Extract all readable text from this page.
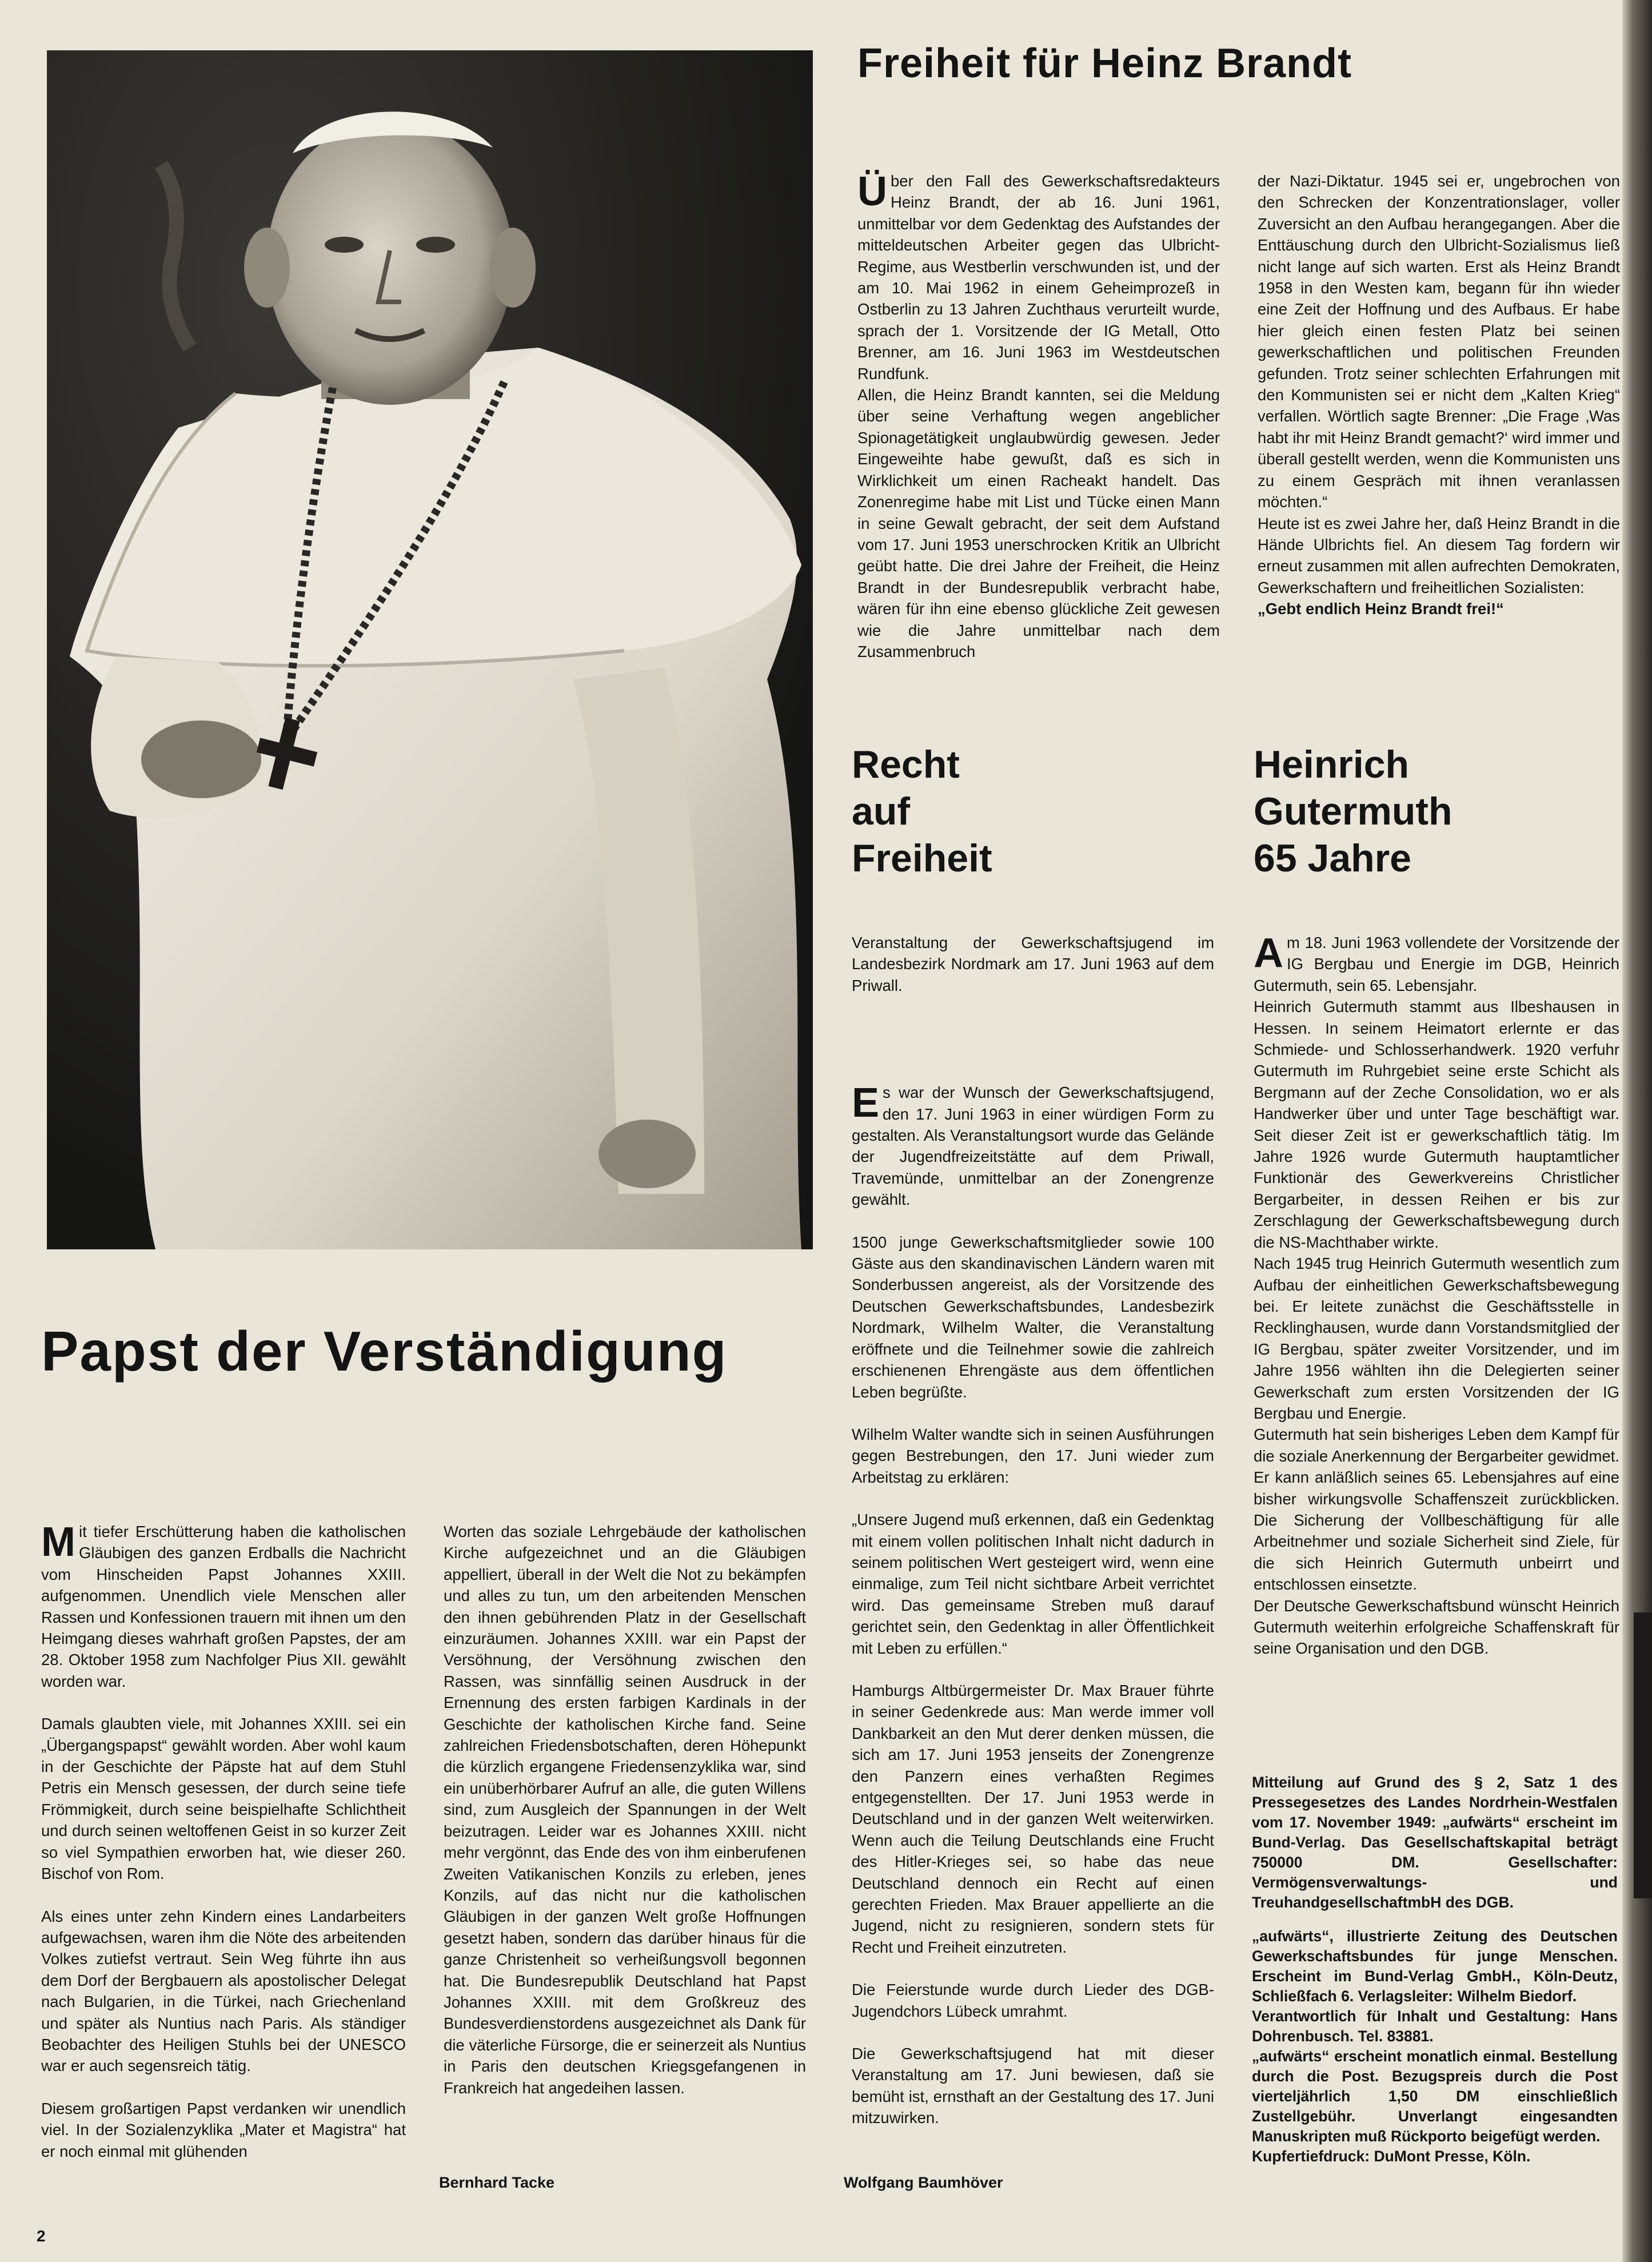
Freiheit für Heinz Brandt

Über den Fall des Gewerkschaftsredakteurs Heinz Brandt, der ab 16. Juni 1961, unmittelbar vor dem Gedenktag des Aufstandes der mitteldeutschen Arbeiter gegen das Ulbricht-Regime, aus Westberlin verschwunden ist, und der am 10. Mai 1962 in einem Geheimprozeß in Ostberlin zu 13 Jahren Zuchthaus verurteilt wurde, sprach der 1. Vorsitzende der IG Metall, Otto Brenner, am 16. Juni 1963 im Westdeutschen Rundfunk.

Allen, die Heinz Brandt kannten, sei die Meldung über seine Verhaftung wegen angeblicher Spionagetätigkeit unglaubwürdig gewesen. Jeder Eingeweihte habe gewußt, daß es sich in Wirklichkeit um einen Racheakt handelt. Das Zonenregime habe mit List und Tücke einen Mann in seine Gewalt gebracht, der seit dem Aufstand vom 17. Juni 1953 unerschrocken Kritik an Ulbricht geübt hatte. Die drei Jahre der Freiheit, die Heinz Brandt in der Bundesrepublik verbracht habe, wären für ihn eine ebenso glückliche Zeit gewesen wie die Jahre unmittelbar nach dem Zusammenbruch

der Nazi-Diktatur. 1945 sei er, ungebrochen von den Schrecken der Konzentrationslager, voller Zuversicht an den Aufbau herangegangen. Aber die Enttäuschung durch den Ulbricht-Sozialismus ließ nicht lange auf sich warten. Erst als Heinz Brandt 1958 in den Westen kam, begann für ihn wieder eine Zeit der Hoffnung und des Aufbaus. Er habe hier gleich einen festen Platz bei seinen gewerkschaftlichen und politischen Freunden gefunden. Trotz seiner schlechten Erfahrungen mit den Kommunisten sei er nicht dem „Kalten Krieg“ verfallen. Wörtlich sagte Brenner: „Die Frage ‚Was habt ihr mit Heinz Brandt gemacht?‘ wird immer und überall gestellt werden, wenn die Kommunisten uns zu einem Gespräch mit ihnen veranlassen möchten.“

Heute ist es zwei Jahre her, daß Heinz Brandt in die Hände Ulbrichts fiel. An diesem Tag fordern wir erneut zusammen mit allen aufrechten Demokraten, Gewerkschaftern und freiheitlichen Sozialisten:

„Gebt endlich Heinz Brandt frei!“

Recht
auf
Freiheit

Veranstaltung der Gewerkschaftsjugend im Landesbezirk Nordmark am 17. Juni 1963 auf dem Priwall.

Es war der Wunsch der Gewerkschaftsjugend, den 17. Juni 1963 in einer würdigen Form zu gestalten. Als Veranstaltungsort wurde das Gelände der Jugendfreizeitstätte auf dem Priwall, Travemünde, unmittelbar an der Zonengrenze gewählt.

1500 junge Gewerkschaftsmitglieder sowie 100 Gäste aus den skandinavischen Ländern waren mit Sonderbussen angereist, als der Vorsitzende des Deutschen Gewerkschaftsbundes, Landesbezirk Nordmark, Wilhelm Walter, die Veranstaltung eröffnete und die Teilnehmer sowie die zahlreich erschienenen Ehrengäste aus dem öffentlichen Leben begrüßte.

Wilhelm Walter wandte sich in seinen Ausführungen gegen Bestrebungen, den 17. Juni wieder zum Arbeitstag zu erklären:

„Unsere Jugend muß erkennen, daß ein Gedenktag mit einem vollen politischen Inhalt nicht dadurch in seinem politischen Wert gesteigert wird, wenn eine einmalige, zum Teil nicht sichtbare Arbeit verrichtet wird. Das gemeinsame Streben muß darauf gerichtet sein, den Gedenktag in aller Öffentlichkeit mit Leben zu erfüllen.“

Hamburgs Altbürgermeister Dr. Max Brauer führte in seiner Gedenkrede aus: Man werde immer voll Dankbarkeit an den Mut derer denken müssen, die sich am 17. Juni 1953 jenseits der Zonengrenze den Panzern eines verhaßten Regimes entgegenstellten. Der 17. Juni 1953 werde in Deutschland und in der ganzen Welt weiterwirken. Wenn auch die Teilung Deutschlands eine Frucht des Hitler-Krieges sei, so habe das neue Deutschland dennoch ein Recht auf einen gerechten Frieden. Max Brauer appellierte an die Jugend, nicht zu resignieren, sondern stets für Recht und Freiheit einzutreten.

Die Feierstunde wurde durch Lieder des DGB-Jugendchors Lübeck umrahmt.

Die Gewerkschaftsjugend hat mit dieser Veranstaltung am 17. Juni bewiesen, daß sie bemüht ist, ernsthaft an der Gestaltung des 17. Juni mitzuwirken.

Wolfgang Baumhöver
Heinrich
Gutermuth
65 Jahre

Am 18. Juni 1963 vollendete der Vorsitzende der IG Bergbau und Energie im DGB, Heinrich Gutermuth, sein 65. Lebensjahr.

Heinrich Gutermuth stammt aus Ilbeshausen in Hessen. In seinem Heimatort erlernte er das Schmiede- und Schlosserhandwerk. 1920 verfuhr Gutermuth im Ruhrgebiet seine erste Schicht als Bergmann auf der Zeche Consolidation, wo er als Handwerker über und unter Tage beschäftigt war. Seit dieser Zeit ist er gewerkschaftlich tätig. Im Jahre 1926 wurde Gutermuth hauptamtlicher Funktionär des Gewerkvereins Christlicher Bergarbeiter, in dessen Reihen er bis zur Zerschlagung der Gewerkschaftsbewegung durch die NS-Machthaber wirkte.

Nach 1945 trug Heinrich Gutermuth wesentlich zum Aufbau der einheitlichen Gewerkschaftsbewegung bei. Er leitete zunächst die Geschäftsstelle in Recklinghausen, wurde dann Vorstandsmitglied der IG Bergbau, später zweiter Vorsitzender, und im Jahre 1956 wählten ihn die Delegierten seiner Gewerkschaft zum ersten Vorsitzenden der IG Bergbau und Energie.

Gutermuth hat sein bisheriges Leben dem Kampf für die soziale Anerkennung der Bergarbeiter gewidmet. Er kann anläßlich seines 65. Lebensjahres auf eine bisher wirkungsvolle Schaffenszeit zurückblicken. Die Sicherung der Vollbeschäftigung für alle Arbeitnehmer und soziale Sicherheit sind Ziele, für die sich Heinrich Gutermuth unbeirrt und entschlossen einsetzte.

Der Deutsche Gewerkschaftsbund wünscht Heinrich Gutermuth weiterhin erfolgreiche Schaffenskraft für seine Organisation und den DGB.

Mitteilung auf Grund des § 2, Satz 1 des Pressegesetzes des Landes Nordrhein-Westfalen vom 17. November 1949: „aufwärts“ erscheint im Bund-Verlag. Das Gesellschaftskapital beträgt 750000 DM. Gesellschafter: Vermögensverwaltungs- und TreuhandgesellschaftmbH des DGB.

„aufwärts“, illustrierte Zeitung des Deutschen Gewerkschaftsbundes für junge Menschen. Erscheint im Bund-Verlag GmbH., Köln-Deutz, Schließfach 6. Verlagsleiter: Wilhelm Biedorf.

Verantwortlich für Inhalt und Gestaltung: Hans Dohrenbusch. Tel. 83881.

„aufwärts“ erscheint monatlich einmal. Bestellung durch die Post. Bezugspreis durch die Post vierteljährlich 1,50 DM einschließlich Zustellgebühr. Unverlangt eingesandten Manuskripten muß Rückporto beigefügt werden.

Kupfertiefdruck: DuMont Presse, Köln.

Papst der Verständigung

Mit tiefer Erschütterung haben die katholischen Gläubigen des ganzen Erdballs die Nachricht vom Hinscheiden Papst Johannes XXIII. aufgenommen. Unendlich viele Menschen aller Rassen und Konfessionen trauern mit ihnen um den Heimgang dieses wahrhaft großen Papstes, der am 28. Oktober 1958 zum Nachfolger Pius XII. gewählt worden war.

Damals glaubten viele, mit Johannes XXIII. sei ein „Übergangspapst“ gewählt worden. Aber wohl kaum in der Geschichte der Päpste hat auf dem Stuhl Petris ein Mensch gesessen, der durch seine tiefe Frömmigkeit, durch seine beispielhafte Schlichtheit und durch seinen weltoffenen Geist in so kurzer Zeit so viel Sympathien erworben hat, wie dieser 260. Bischof von Rom.

Als eines unter zehn Kindern eines Landarbeiters aufgewachsen, waren ihm die Nöte des arbeitenden Volkes zutiefst vertraut. Sein Weg führte ihn aus dem Dorf der Bergbauern als apostolischer Delegat nach Bulgarien, in die Türkei, nach Griechenland und später als Nuntius nach Paris. Als ständiger Beobachter des Heiligen Stuhls bei der UNESCO war er auch segensreich tätig.

Diesem großartigen Papst verdanken wir unendlich viel. In der Sozialenzyklika „Mater et Magistra“ hat er noch einmal mit glühenden

Worten das soziale Lehrgebäude der katholischen Kirche aufgezeichnet und an die Gläubigen appelliert, überall in der Welt die Not zu bekämpfen und alles zu tun, um den arbeitenden Menschen den ihnen gebührenden Platz in der Gesellschaft einzuräumen. Johannes XXIII. war ein Papst der Versöhnung, der Versöhnung zwischen den Rassen, was sinnfällig seinen Ausdruck in der Ernennung des ersten farbigen Kardinals in der Geschichte der katholischen Kirche fand. Seine zahlreichen Friedensbotschaften, deren Höhepunkt die kürzlich ergangene Friedensenzyklika war, sind ein unüberhörbarer Aufruf an alle, die guten Willens sind, zum Ausgleich der Spannungen in der Welt beizutragen. Leider war es Johannes XXIII. nicht mehr vergönnt, das Ende des von ihm einberufenen Zweiten Vatikanischen Konzils zu erleben, jenes Konzils, auf das nicht nur die katholischen Gläubigen in der ganzen Welt große Hoffnungen gesetzt haben, sondern das darüber hinaus für die ganze Christenheit so verheißungsvoll begonnen hat. Die Bundesrepublik Deutschland hat Papst Johannes XXIII. mit dem Großkreuz des Bundesverdienstordens ausgezeichnet als Dank für die väterliche Fürsorge, die er seinerzeit als Nuntius in Paris den deutschen Kriegsgefangenen in Frankreich hat angedeihen lassen.

Bernhard Tacke
2
